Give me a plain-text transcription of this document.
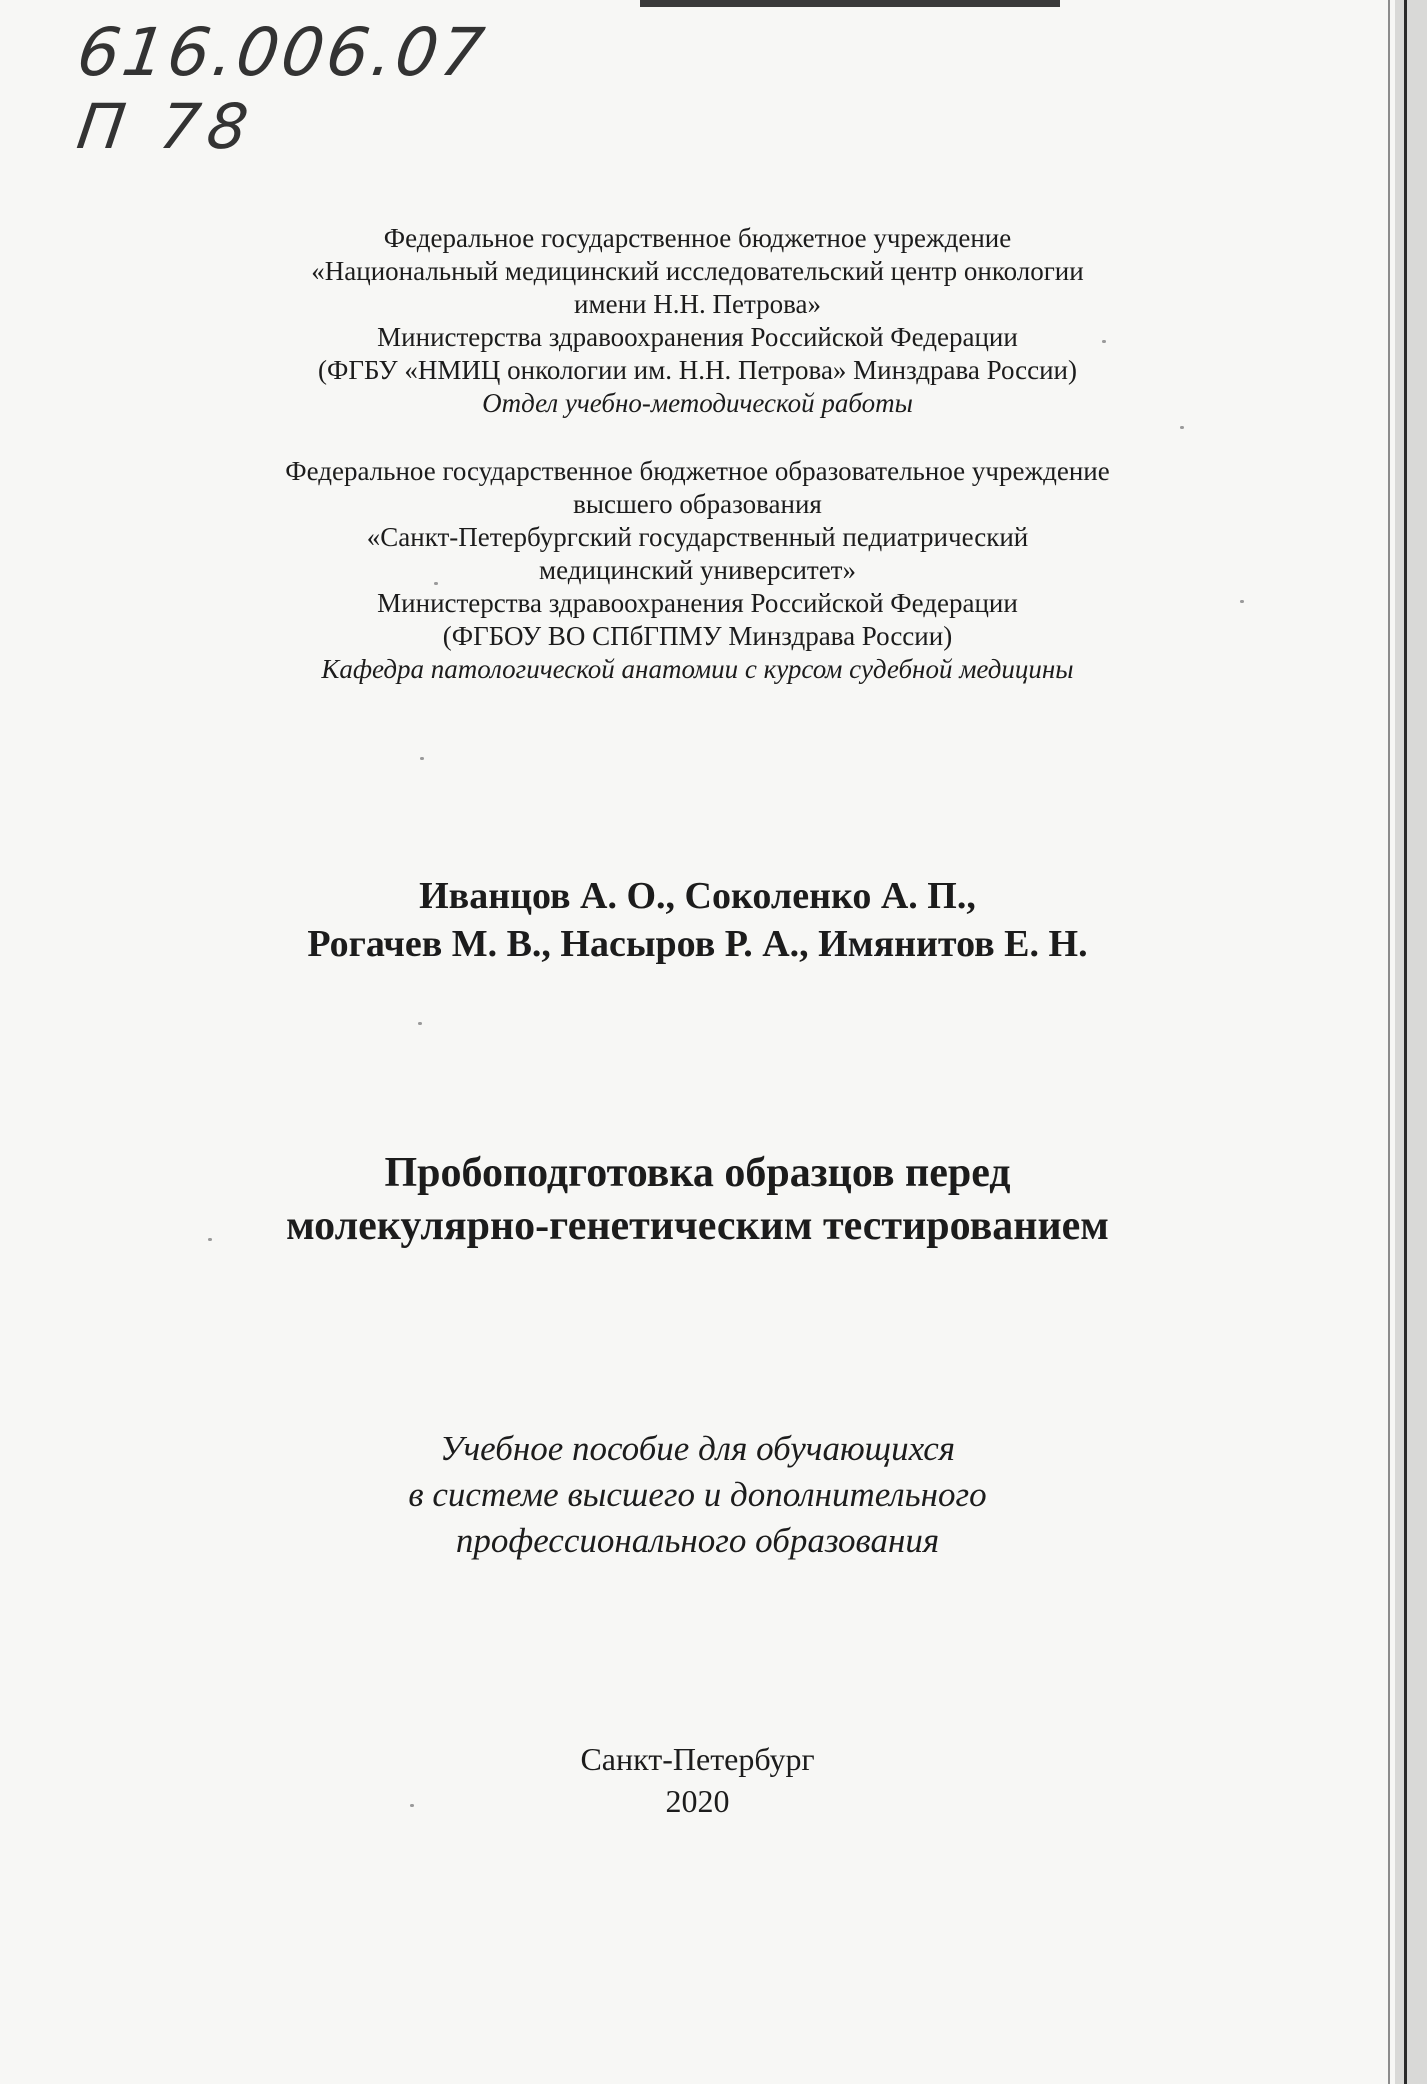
616.006.07
П 78
Федеральное государственное бюджетное учреждение
«Национальный медицинский исследовательский центр онкологии
имени Н.Н. Петрова»
Министерства здравоохранения Российской Федерации
(ФГБУ «НМИЦ онкологии им. Н.Н. Петрова» Минздрава России)
Отдел учебно-методической работы
Федеральное государственное бюджетное образовательное учреждение
высшего образования
«Санкт-Петербургский государственный педиатрический
медицинский университет»
Министерства здравоохранения Российской Федерации
(ФГБОУ ВО СПбГПМУ Минздрава России)
Кафедра патологической анатомии с курсом судебной медицины
Иванцов А. О., Соколенко А. П.,
Рогачев М. В., Насыров Р. А., Имянитов Е. Н.
Пробоподготовка образцов перед
молекулярно-генетическим тестированием
Учебное пособие для обучающихся
в системе высшего и дополнительного
профессионального образования
Санкт-Петербург
2020
